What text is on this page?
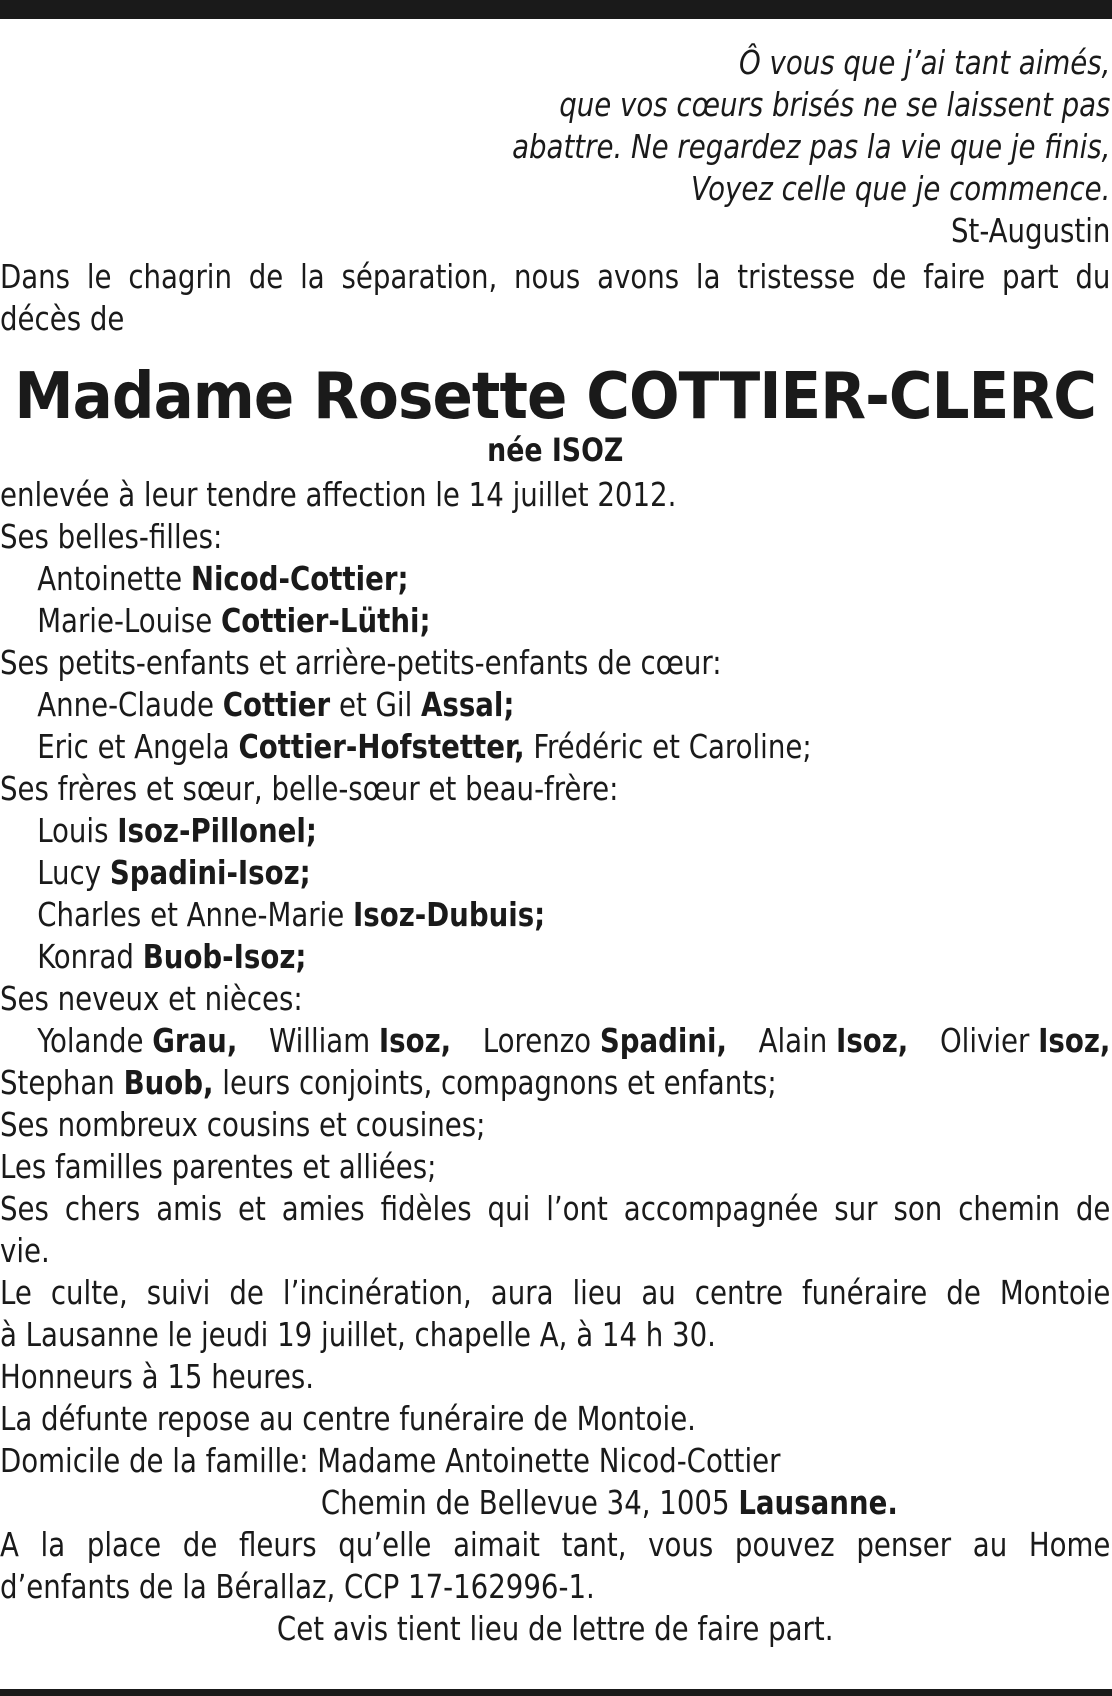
Ô vous que j’ai tant aimés,
que vos cœurs brisés ne se laissent pas
abattre. Ne regardez pas la vie que je finis,
Voyez celle que je commence.
St-Augustin
Dans le chagrin de la séparation, nous avons la tristesse de faire part du
décès de
Madame Rosette COTTIER-CLERC
née ISOZ
enlevée à leur tendre affection le 14 juillet 2012.
Ses belles-filles:
Antoinette Nicod-Cottier;
Marie-Louise Cottier-Lüthi;
Ses petits-enfants et arrière-petits-enfants de cœur:
Anne-Claude Cottier et Gil Assal;
Eric et Angela Cottier-Hofstetter, Frédéric et Caroline;
Ses frères et sœur, belle-sœur et beau-frère:
Louis Isoz-Pillonel;
Lucy Spadini-Isoz;
Charles et Anne-Marie Isoz-Dubuis;
Konrad Buob-Isoz;
Ses neveux et nièces:
Yolande Grau, William Isoz, Lorenzo Spadini, Alain Isoz, Olivier Isoz,
Stephan Buob, leurs conjoints, compagnons et enfants;
Ses nombreux cousins et cousines;
Les familles parentes et alliées;
Ses chers amis et amies fidèles qui l’ont accompagnée sur son chemin de
vie.
Le culte, suivi de l’incinération, aura lieu au centre funéraire de Montoie
à Lausanne le jeudi 19 juillet, chapelle A, à 14 h 30.
Honneurs à 15 heures.
La défunte repose au centre funéraire de Montoie.
Domicile de la famille: Madame Antoinette Nicod-Cottier
Chemin de Bellevue 34, 1005 Lausanne.
A la place de fleurs qu’elle aimait tant, vous pouvez penser au Home
d’enfants de la Bérallaz, CCP 17-162996-1.
Cet avis tient lieu de lettre de faire part.
